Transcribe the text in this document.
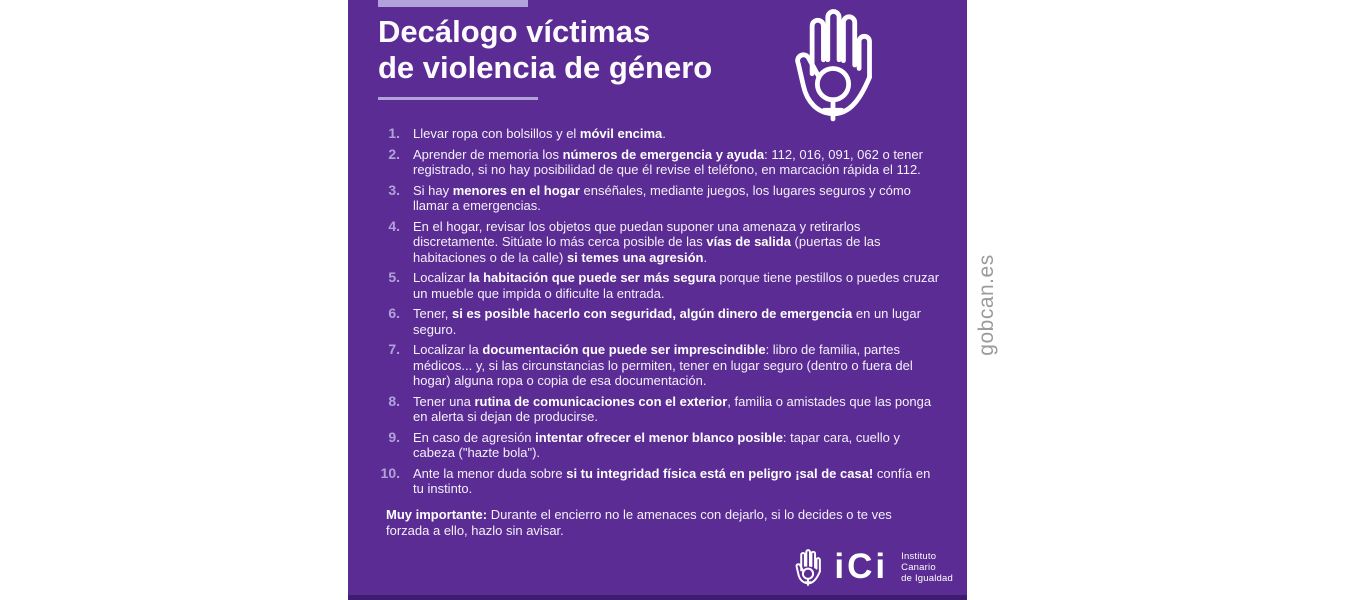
Decálogo víctimas
de violencia de género
1.	Llevar ropa con bolsillos y el móvil encima.
2.	Aprender de memoria los números de emergencia y ayuda: 112, 016, 091, 062 o tener registrado, si no hay posibilidad de que él revise el teléfono, en marcación rápida el 112.
3.	Si hay menores en el hogar enséñales, mediante juegos, los lugares seguros y cómo llamar a emergencias.
4.	En el hogar, revisar los objetos que puedan suponer una amenaza y retirarlos discretamente. Sitúate lo más cerca posible de las vías de salida (puertas de las habitaciones o de la calle) si temes una agresión.
5.	Localizar la habitación que puede ser más segura porque tiene pestillos o puedes cruzar un mueble que impida o dificulte la entrada.
6.	Tener, si es posible hacerlo con seguridad, algún dinero de emergencia en un lugar seguro.
7.	Localizar la documentación que puede ser imprescindible: libro de familia, partes médicos... y, si las circunstancias lo permiten, tener en lugar seguro (dentro o fuera del hogar) alguna ropa o copia de esa documentación.
8.	Tener una rutina de comunicaciones con el exterior, familia o amistades que las ponga en alerta si dejan de producirse.
9.	En caso de agresión intentar ofrecer el menor blanco posible: tapar cara, cuello y cabeza ("hazte bola").
10.	Ante la menor duda sobre si tu integridad física está en peligro ¡sal de casa! confía en tu instinto.

Muy importante: Durante el encierro no le amenaces con dejarlo, si lo decides o te ves forzada a ello, hazlo sin avisar.

iCi Instituto
Canario
de Igualdad
gobcan.es
